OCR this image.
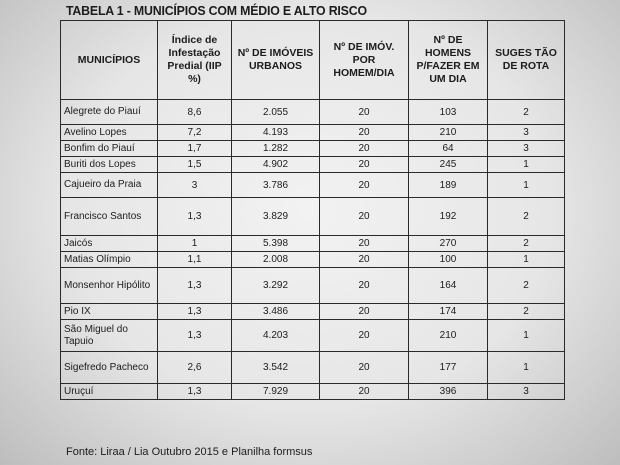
TABELA 1 - MUNICÍPIOS COM MÉDIO E ALTO RISCO
MUNICÍPIOS	Índice de Infestação Predial (IIP %)	Nº DE IMÓVEIS URBANOS	Nº DE IMÓV. POR HOMEM/DIA	Nº DE HOMENS P/FAZER EM UM DIA	SUGES TÃO DE ROTA
Alegrete do Piauí	8,6	2.055	20	103	2
Avelino Lopes	7,2	4.193	20	210	3
Bonfim do Piauí	1,7	1.282	20	64	3
Buriti dos Lopes	1,5	4.902	20	245	1
Cajueiro da Praia	3	3.786	20	189	1
Francisco Santos	1,3	3.829	20	192	2
Jaicós	1	5.398	20	270	2
Matias Olímpio	1,1	2.008	20	100	1
Monsenhor Hipólito	1,3	3.292	20	164	2
Pio IX	1,3	3.486	20	174	2
São Miguel do Tapuio	1,3	4.203	20	210	1
Sigefredo Pacheco	2,6	3.542	20	177	1
Uruçuí	1,3	7.929	20	396	3
Fonte: Liraa / Lia Outubro 2015 e Planilha formsus
